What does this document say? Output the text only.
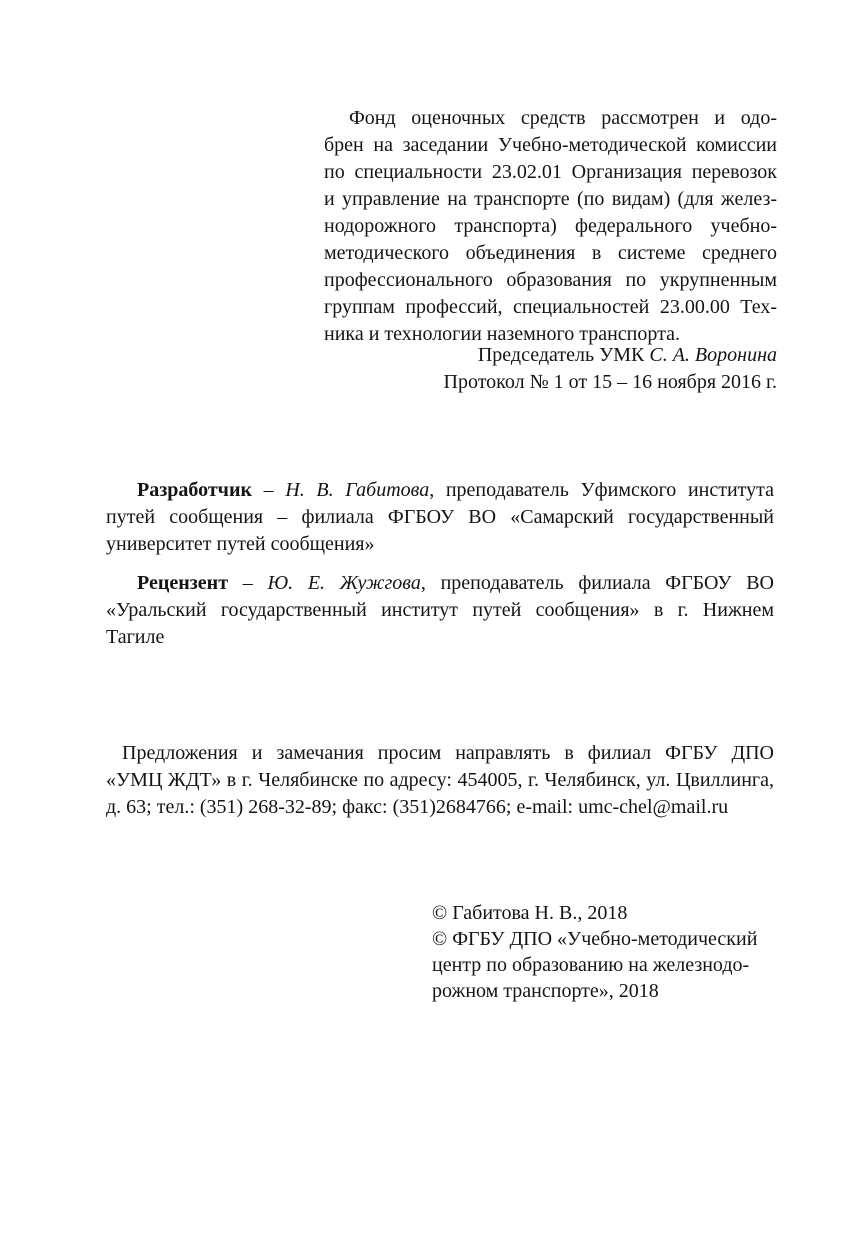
Фонд оценочных средств рассмотрен и одо-
брен на заседании Учебно-методической комиссии
по специальности 23.02.01 Организация перевозок
и управление на транспорте (по видам) (для желез-
нодорожного транспорта) федерального учебно-
методического объединения в системе среднего
профессионального образования по укрупненным
группам профессий, специальностей 23.00.00 Тех-
ника и технологии наземного транспорта.
Председатель УМК С. А. Воронина
Протокол № 1 от 15 – 16 ноября 2016 г.
Разработчик – Н. В. Габитова, преподаватель Уфимского института
путей сообщения – филиала ФГБОУ ВО «Самарский государственный
университет путей сообщения»
Рецензент – Ю. Е. Жужгова, преподаватель филиала ФГБОУ ВО
«Уральский государственный институт путей сообщения» в г. Нижнем
Тагиле
Предложения и замечания просим направлять в филиал ФГБУ ДПО
«УМЦ ЖДТ» в г. Челябинске по адресу: 454005, г. Челябинск, ул. Цвиллинга,
д. 63; тел.: (351) 268-32-89; факс: (351)2684766; e-mail: umc-chel@mail.ru
© Габитова Н. В., 2018
© ФГБУ ДПО «Учебно-методический
центр по образованию на железнодо-
рожном транспорте», 2018
